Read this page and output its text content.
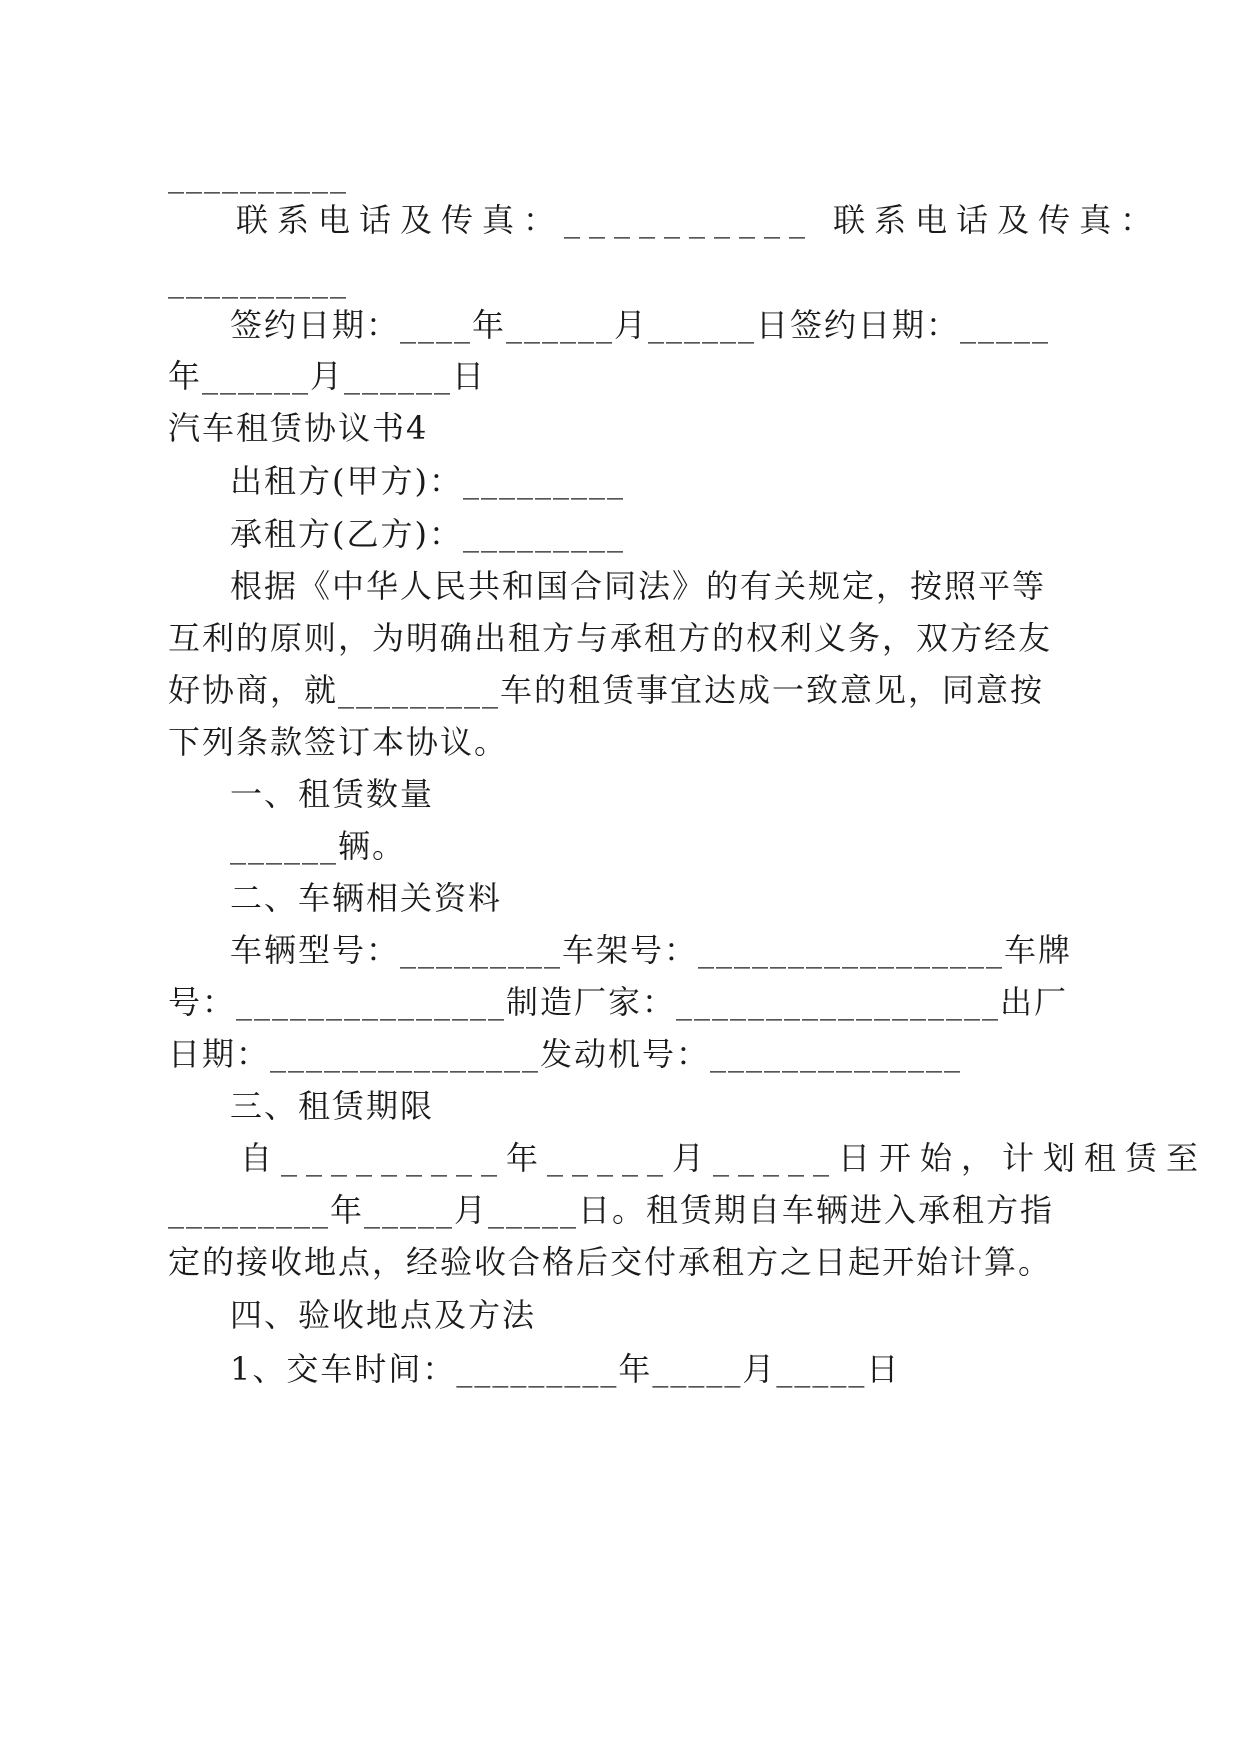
__________
联系电话及传真：__________ 联系电话及传真：
__________
签约日期：____年______月______日签约日期：_____
年______月______日
汽车租赁协议书4
出租方(甲方)：_________
承租方(乙方)：_________
根据《中华人民共和国合同法》的有关规定，按照平等
互利的原则，为明确出租方与承租方的权利义务，双方经友
好协商，就_________车的租赁事宜达成一致意见，同意按
下列条款签订本协议。
一、租赁数量
______辆。
二、车辆相关资料
车辆型号：_________车架号：_________________车牌
号：_______________制造厂家：__________________出厂
日期：_______________发动机号：______________
三、租赁期限
自_________年_____月_____日开始，计划租赁至
_________年_____月_____日。租赁期自车辆进入承租方指
定的接收地点，经验收合格后交付承租方之日起开始计算。
四、验收地点及方法
1、交车时间：_________年_____月_____日
